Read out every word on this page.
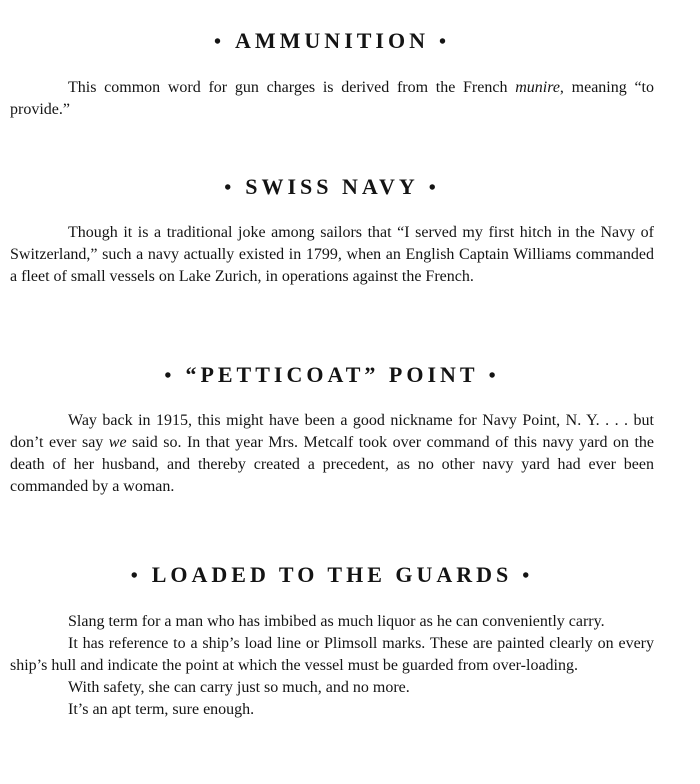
• AMMUNITION •

This common word for gun charges is derived from the French munire, meaning “to provide.”

• SWISS NAVY •

Though it is a traditional joke among sailors that “I served my first hitch in the Navy of Switzerland,” such a navy actually existed in 1799, when an English Captain Williams commanded a fleet of small vessels on Lake Zurich, in operations against the French.

• “PETTICOAT” POINT •

Way back in 1915, this might have been a good nickname for Navy Point, N. Y. . . . but don’t ever say we said so. In that year Mrs. Metcalf took over command of this navy yard on the death of her husband, and thereby created a precedent, as no other navy yard had ever been commanded by a woman.

• LOADED TO THE GUARDS •

Slang term for a man who has imbibed as much liquor as he can conveniently carry.

It has reference to a ship’s load line or Plimsoll marks. These are painted clearly on every ship’s hull and indicate the point at which the vessel must be guarded from over-loading.

With safety, she can carry just so much, and no more.

It’s an apt term, sure enough.
